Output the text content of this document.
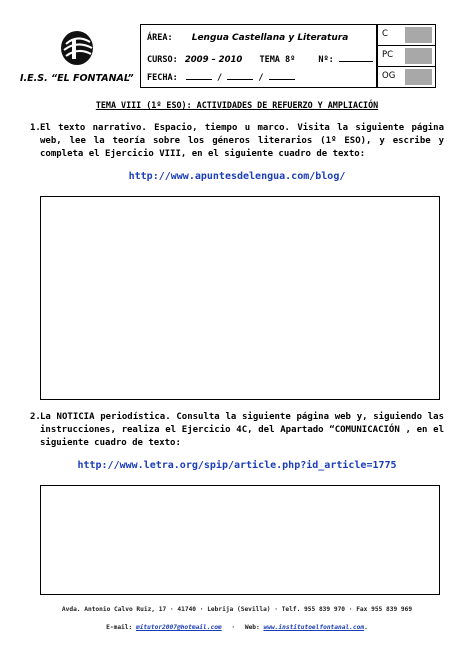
I.E.S. “EL FONTANAL”
ÁREA: Lengua Castellana y Literatura
CURSO: 2009 – 2010 TEMA 8º	Nº:
FECHA:	/	/
C
PC
OG
TEMA VIII (1º ESO): ACTIVIDADES DE REFUERZO Y AMPLIACIÓN
1. El texto narrativo. Espacio, tiempo u marco. Visita la siguiente página web, lee la teoría sobre los géneros literarios (1º ESO), y escribe y completa el Ejercicio VIII, en el siguiente cuadro de texto:
http://www.apuntesdelengua.com/blog/
2. La NOTICIA periodística. Consulta la siguiente página web y, siguiendo las instrucciones, realiza el Ejercicio 4C, del Apartado “COMUNICACIÓN , en el siguiente cuadro de texto:
http://www.letra.org/spip/article.php?id_article=1775
Avda. Antonio Calvo Ruiz, 17 · 41740 · Lebrija (Sevilla) · Telf. 955 839 970 · Fax 955 839 969
E-mail: mitutor2007@hotmail.com · Web: www.institutoelfontanal.com.
